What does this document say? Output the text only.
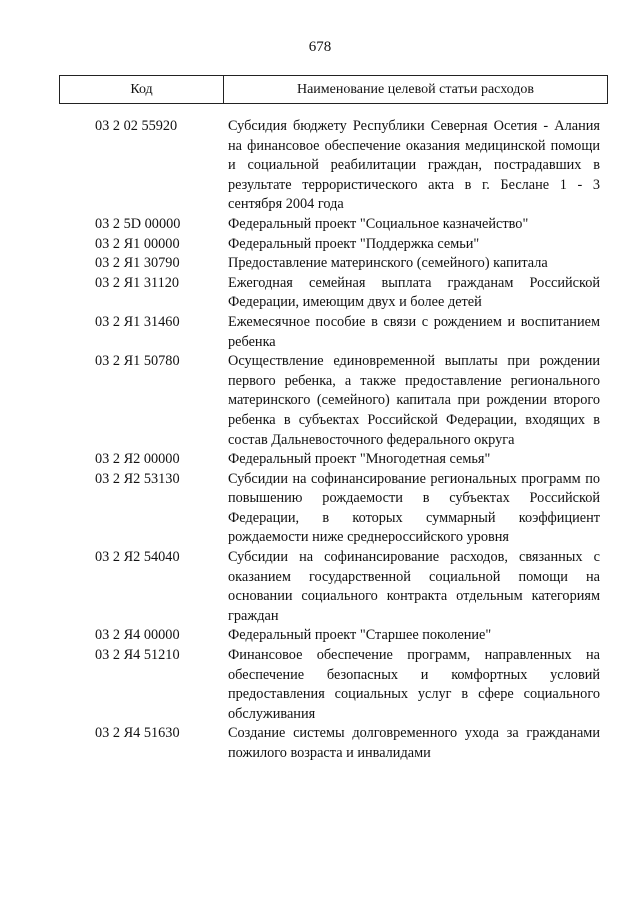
678
Код	Наименование целевой статьи расходов
03 2 02 55920	Субсидия бюджету Республики Северная Осетия - Алания на финансовое обеспечение оказания медицинской помощи и социальной реабилитации граждан, пострадавших в результате террористического акта в г. Беслане 1 - 3 сентября 2004 года
03 2 5D 00000	Федеральный проект "Социальное казначейство"
03 2 Я1 00000	Федеральный проект "Поддержка семьи"
03 2 Я1 30790	Предоставление материнского (семейного) капитала
03 2 Я1 31120	Ежегодная семейная выплата гражданам Российской Федерации, имеющим двух и более детей
03 2 Я1 31460	Ежемесячное пособие в связи с рождением и воспитанием ребенка
03 2 Я1 50780	Осуществление единовременной выплаты при рождении первого ребенка, а также предоставление регионального материнского (семейного) капитала при рождении второго ребенка в субъектах Российской Федерации, входящих в состав Дальневосточного федерального округа
03 2 Я2 00000	Федеральный проект "Многодетная семья"
03 2 Я2 53130	Субсидии на софинансирование региональных программ по повышению рождаемости в субъектах Российской Федерации, в которых суммарный коэффициент рождаемости ниже среднероссийского уровня
03 2 Я2 54040	Субсидии на софинансирование расходов, связанных с оказанием государственной социальной помощи на основании социального контракта отдельным категориям граждан
03 2 Я4 00000	Федеральный проект "Старшее поколение"
03 2 Я4 51210	Финансовое обеспечение программ, направленных на обеспечение безопасных и комфортных условий предоставления социальных услуг в сфере социального обслуживания
03 2 Я4 51630	Создание системы долговременного ухода за гражданами пожилого возраста и инвалидами
